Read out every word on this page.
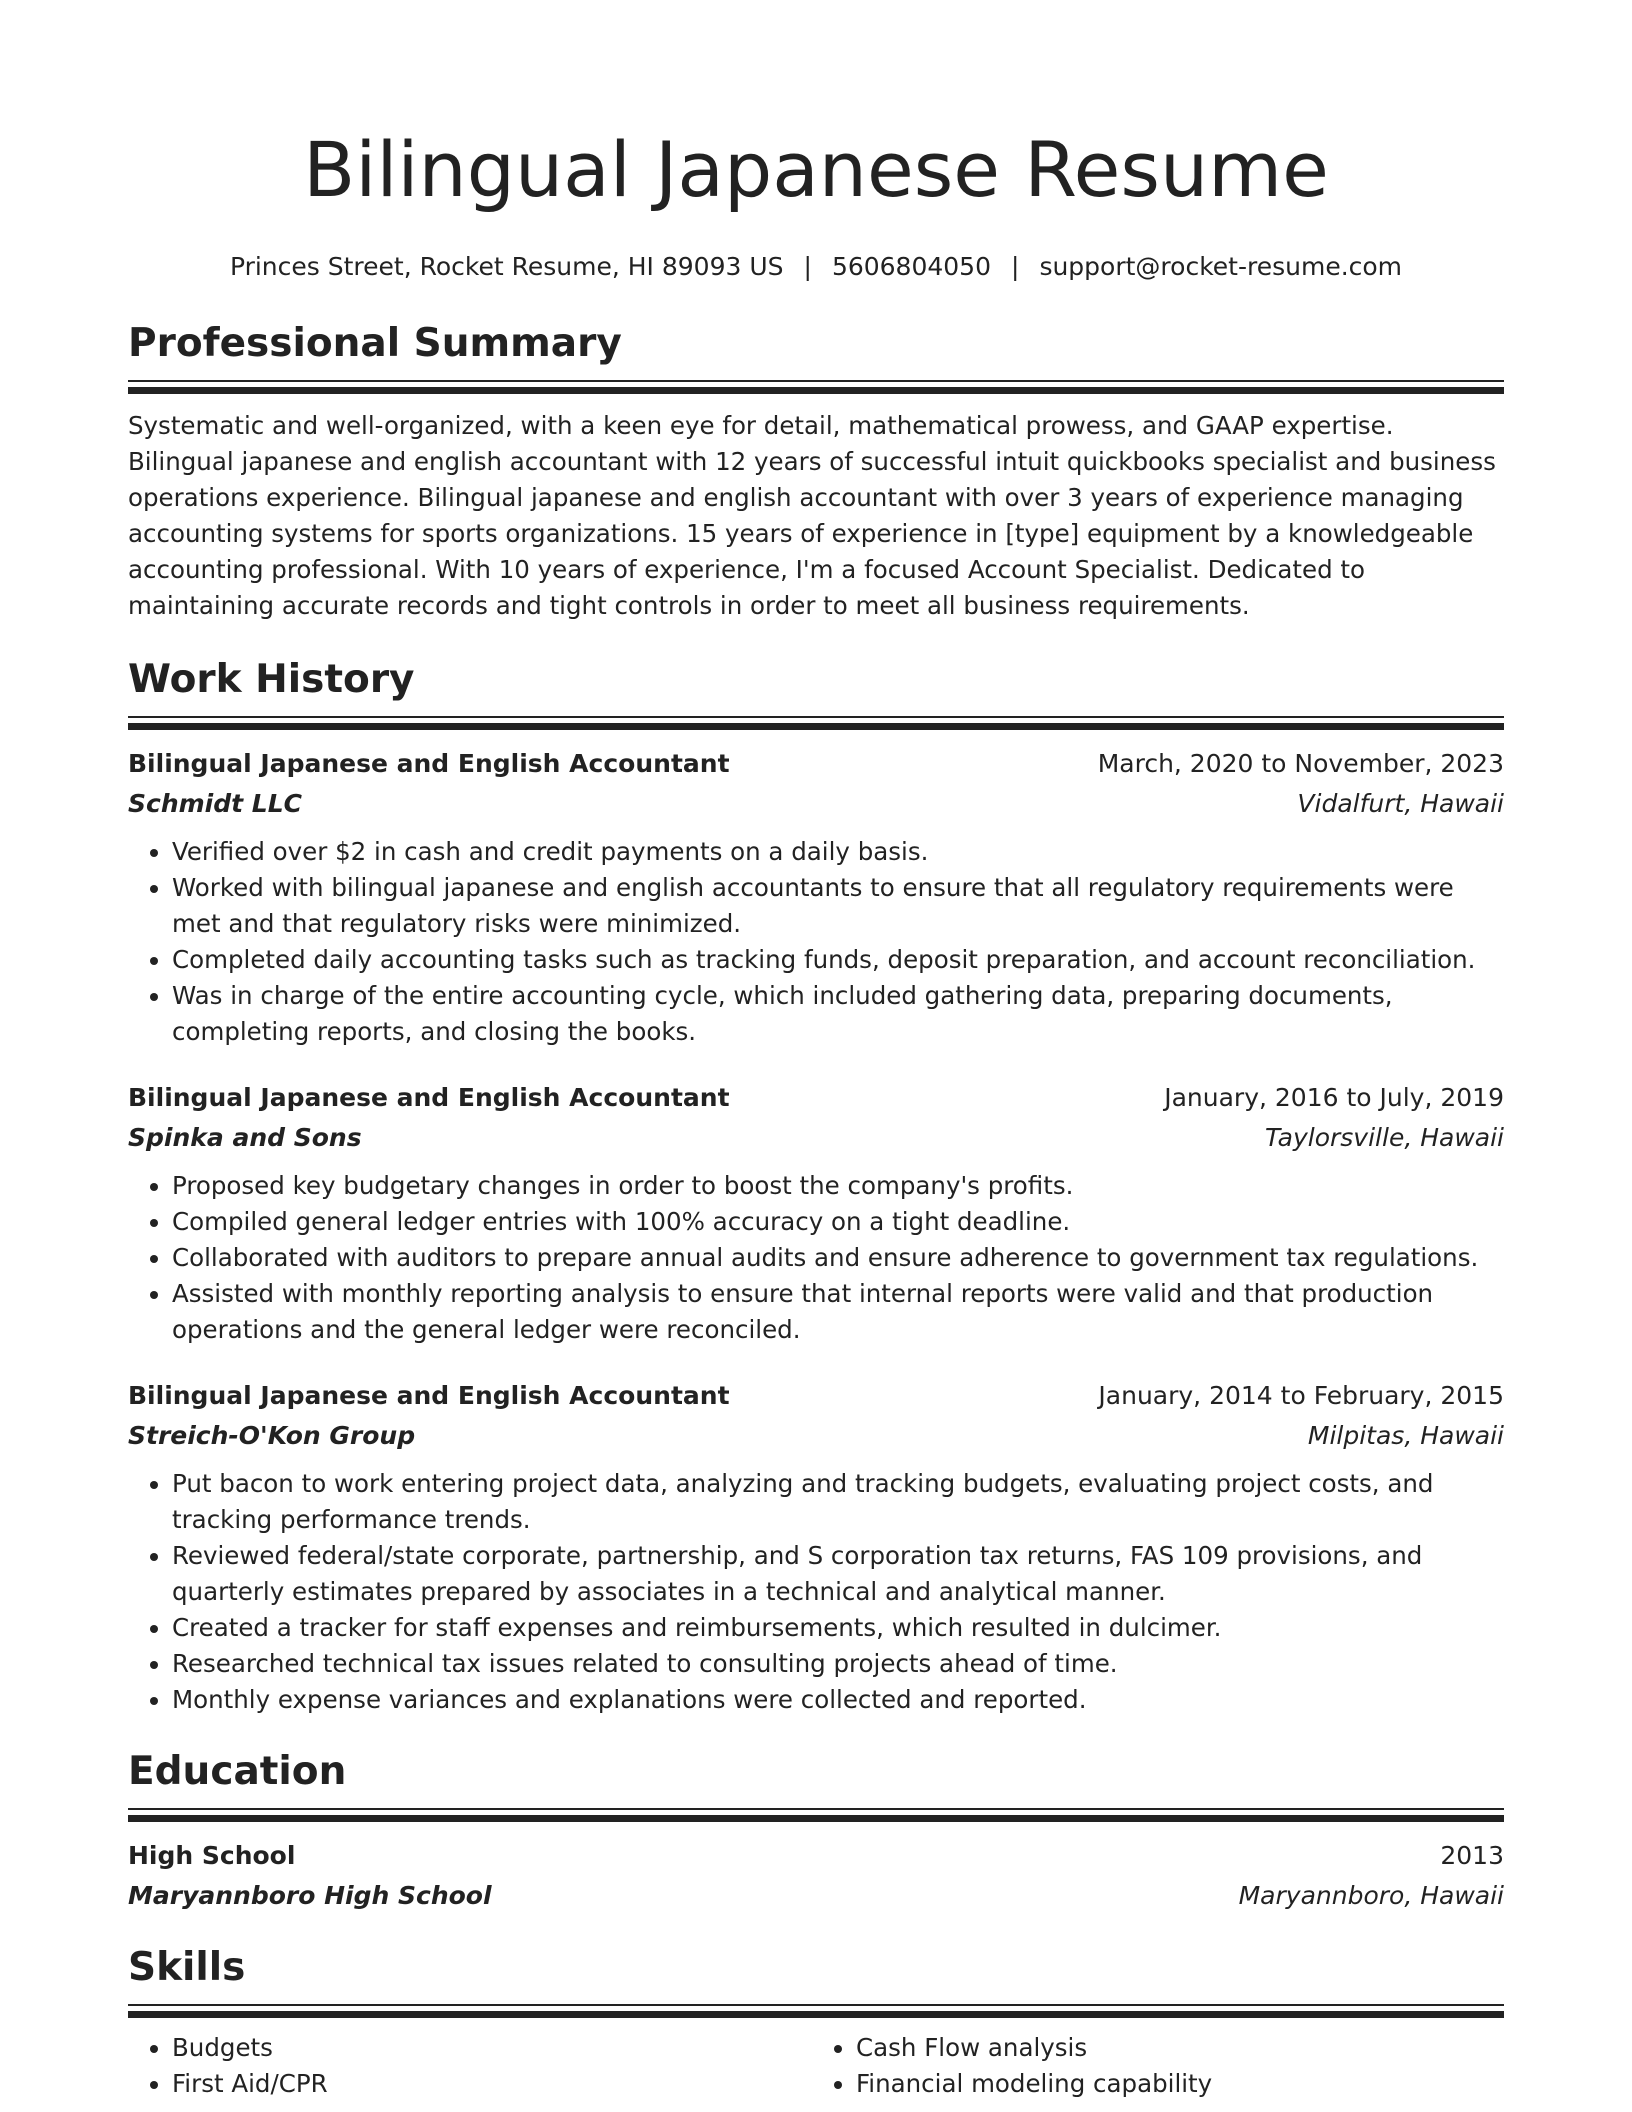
Bilingual Japanese Resume
Princes Street, Rocket Resume, HI 89093 US | 5606804050 | support@rocket-resume.com
Professional Summary
Systematic and well-organized, with a keen eye for detail, mathematical prowess, and GAAP expertise. Bilingual japanese and english accountant with 12 years of successful intuit quickbooks specialist and business operations experience. Bilingual japanese and english accountant with over 3 years of experience managing accounting systems for sports organizations. 15 years of experience in [type] equipment by a knowledgeable accounting professional. With 10 years of experience, I'm a focused Account Specialist. Dedicated to maintaining accurate records and tight controls in order to meet all business requirements.
Work History
Bilingual Japanese and English Accountant	March, 2020 to November, 2023
Schmidt LLC	Vidalfurt, Hawaii
• Verified over $2 in cash and credit payments on a daily basis.
• Worked with bilingual japanese and english accountants to ensure that all regulatory requirements were met and that regulatory risks were minimized.
• Completed daily accounting tasks such as tracking funds, deposit preparation, and account reconciliation.
• Was in charge of the entire accounting cycle, which included gathering data, preparing documents, completing reports, and closing the books.
Bilingual Japanese and English Accountant	January, 2016 to July, 2019
Spinka and Sons	Taylorsville, Hawaii
• Proposed key budgetary changes in order to boost the company's profits.
• Compiled general ledger entries with 100% accuracy on a tight deadline.
• Collaborated with auditors to prepare annual audits and ensure adherence to government tax regulations.
• Assisted with monthly reporting analysis to ensure that internal reports were valid and that production operations and the general ledger were reconciled.
Bilingual Japanese and English Accountant	January, 2014 to February, 2015
Streich-O'Kon Group	Milpitas, Hawaii
• Put bacon to work entering project data, analyzing and tracking budgets, evaluating project costs, and tracking performance trends.
• Reviewed federal/state corporate, partnership, and S corporation tax returns, FAS 109 provisions, and quarterly estimates prepared by associates in a technical and analytical manner.
• Created a tracker for staff expenses and reimbursements, which resulted in dulcimer.
• Researched technical tax issues related to consulting projects ahead of time.
• Monthly expense variances and explanations were collected and reported.
Education
High School	2013
Maryannboro High School	Maryannboro, Hawaii
Skills
• Budgets
• First Aid/CPR
• Cash Flow analysis
• Financial modeling capability
